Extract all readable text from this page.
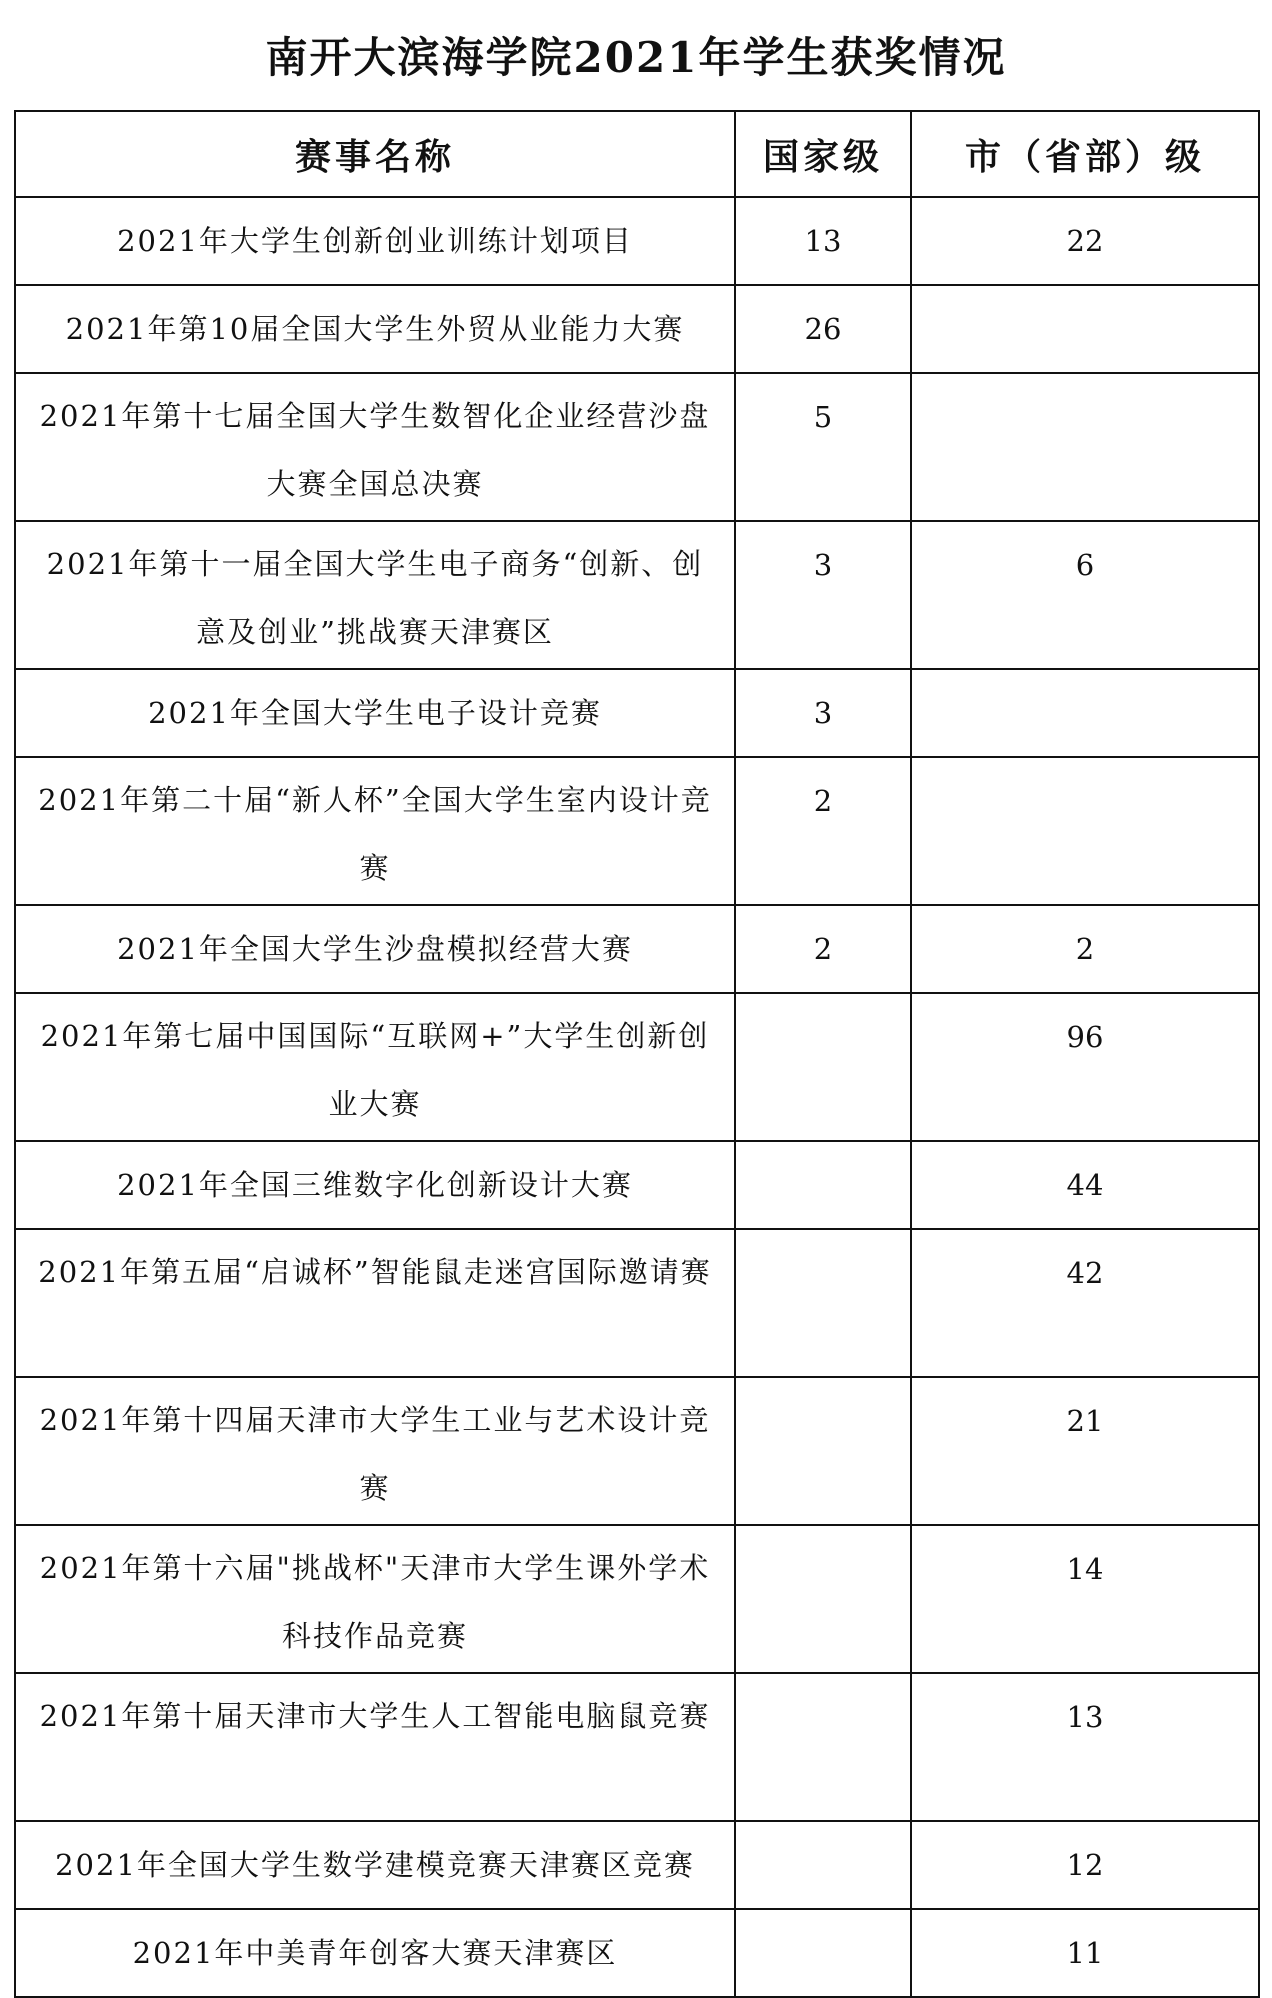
南开大滨海学院2021年学生获奖情况
赛事名称	国家级	市（省部）级
2021年大学生创新创业训练计划项目	13	22
2021年第10届全国大学生外贸从业能力大赛	26	
2021年第十七届全国大学生数智化企业经营沙盘大赛全国总决赛	5	
2021年第十一届全国大学生电子商务“创新、创意及创业”挑战赛天津赛区	3	6
2021年全国大学生电子设计竞赛	3	
2021年第二十届“新人杯”全国大学生室内设计竞赛	2	
2021年全国大学生沙盘模拟经营大赛	2	2
2021年第七届中国国际“互联网+”大学生创新创业大赛		96
2021年全国三维数字化创新设计大赛		44
2021年第五届“启诚杯”智能鼠走迷宫国际邀请赛		42
2021年第十四届天津市大学生工业与艺术设计竞赛		21
2021年第十六届"挑战杯"天津市大学生课外学术科技作品竞赛		14
2021年第十届天津市大学生人工智能电脑鼠竞赛		13
2021年全国大学生数学建模竞赛天津赛区竞赛		12
2021年中美青年创客大赛天津赛区		11
